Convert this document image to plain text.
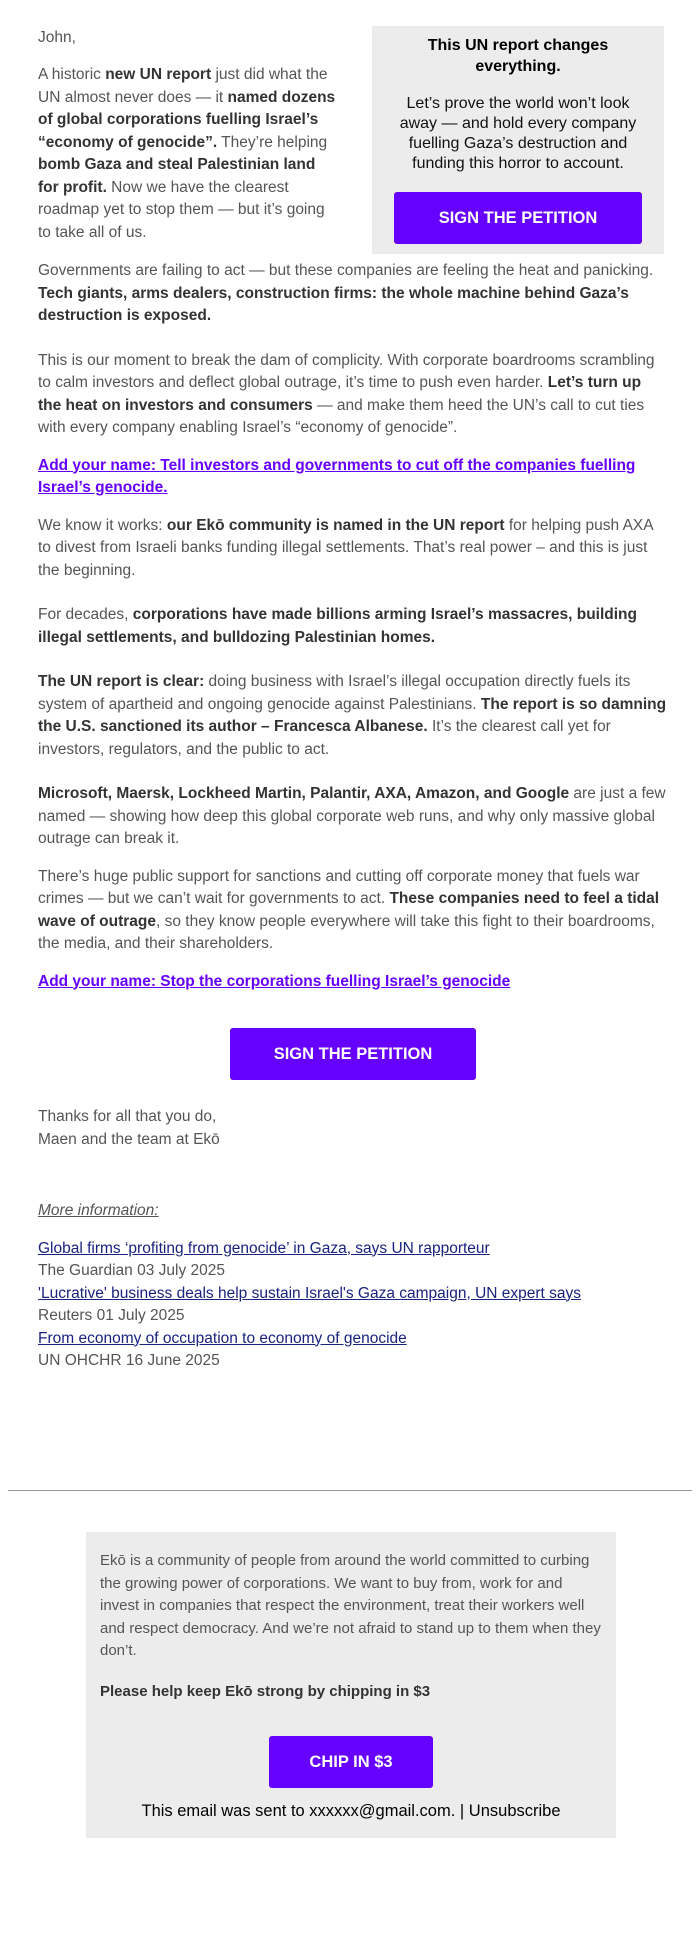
John,	This UN report changes everything.

Let’s prove the world won’t look away — and hold every company fuelling Gaza’s destruction and funding this horror to account.

SIGN THE PETITION

A historic new UN report just did what the UN almost never does — it named dozens of global corporations fuelling Israel’s “economy of genocide”. They’re helping bomb Gaza and steal Palestinian land for profit. Now we have the clearest roadmap yet to stop them — but it’s going to take all of us.

Governments are failing to act — but these companies are feeling the heat and panicking. Tech giants, arms dealers, construction firms: the whole machine behind Gaza’s destruction is exposed.

This is our moment to break the dam of complicity. With corporate boardrooms scrambling to calm investors and deflect global outrage, it’s time to push even harder. Let’s turn up the heat on investors and consumers — and make them heed the UN’s call to cut ties with every company enabling Israel’s “economy of genocide”.

Add your name: Tell investors and governments to cut off the companies fuelling Israel’s genocide.

We know it works: our Ekō community is named in the UN report for helping push AXA to divest from Israeli banks funding illegal settlements. That’s real power – and this is just the beginning.

For decades, corporations have made billions arming Israel’s massacres, building illegal settlements, and bulldozing Palestinian homes.

The UN report is clear: doing business with Israel’s illegal occupation directly fuels its system of apartheid and ongoing genocide against Palestinians. The report is so damning the U.S. sanctioned its author – Francesca Albanese. It’s the clearest call yet for investors, regulators, and the public to act.

Microsoft, Maersk, Lockheed Martin, Palantir, AXA, Amazon, and Google are just a few named — showing how deep this global corporate web runs, and why only massive global outrage can break it.

There’s huge public support for sanctions and cutting off corporate money that fuels war crimes — but we can’t wait for governments to act. These companies need to feel a tidal wave of outrage, so they know people everywhere will take this fight to their boardrooms, the media, and their shareholders.

Add your name: Stop the corporations fuelling Israel’s genocide

SIGN THE PETITION

Thanks for all that you do,
Maen and the team at Ekō

More information:

Global firms ‘profiting from genocide’ in Gaza, says UN rapporteur
The Guardian 03 July 2025
'Lucrative' business deals help sustain Israel's Gaza campaign, UN expert says
Reuters 01 July 2025
From economy of occupation to economy of genocide
UN OHCHR 16 June 2025

Ekō is a community of people from around the world committed to curbing the growing power of corporations. We want to buy from, work for and invest in companies that respect the environment, treat their workers well and respect democracy. And we’re not afraid to stand up to them when they don’t.

Please help keep Ekō strong by chipping in $3

CHIP IN $3
This email was sent to xxxxxx@gmail.com. | Unsubscribe
